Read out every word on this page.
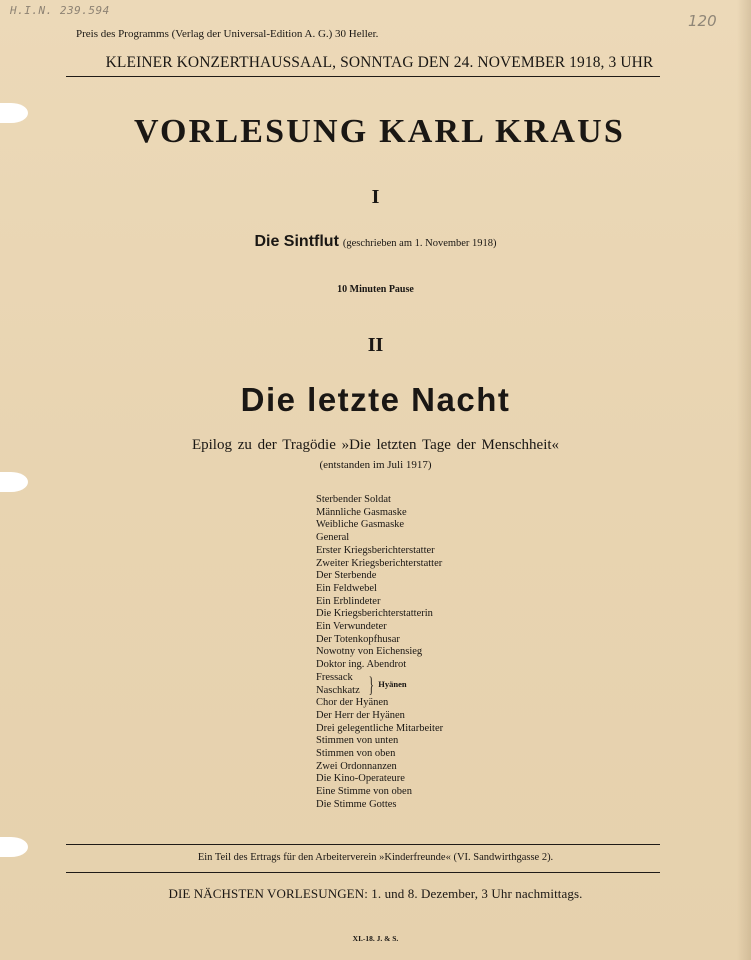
H.I.N. 239.594
120
Preis des Programms (Verlag der Universal-Edition A. G.) 30 Heller.
KLEINER KONZERTHAUSSAAL, SONNTAG DEN 24. NOVEMBER 1918, 3 UHR
VORLESUNG KARL KRAUS
I
Die Sintflut (geschrieben am 1. November 1918)
10 Minuten Pause
II
Die letzte Nacht
Epilog zu der Tragödie »Die letzten Tage der Menschheit«
(entstanden im Juli 1917)
Sterbender Soldat
Männliche Gasmaske
Weibliche Gasmaske
General
Erster Kriegsberichterstatter
Zweiter Kriegsberichterstatter
Der Sterbende
Ein Feldwebel
Ein Erblindeter
Die Kriegsberichterstatterin
Ein Verwundeter
Der Totenkopfhusar
Nowotny von Eichensieg
Doktor ing. Abendrot
Fressack
Naschkatz } Hyänen
Chor der Hyänen
Der Herr der Hyänen
Drei gelegentliche Mitarbeiter
Stimmen von unten
Stimmen von oben
Zwei Ordonnanzen
Die Kino-Operateure
Eine Stimme von oben
Die Stimme Gottes
Ein Teil des Ertrags für den Arbeiterverein »Kinderfreunde« (VI. Sandwirthgasse 2).
DIE NÄCHSTEN VORLESUNGEN: 1. und 8. Dezember, 3 Uhr nachmittags.
XI.-18. J. & S.
